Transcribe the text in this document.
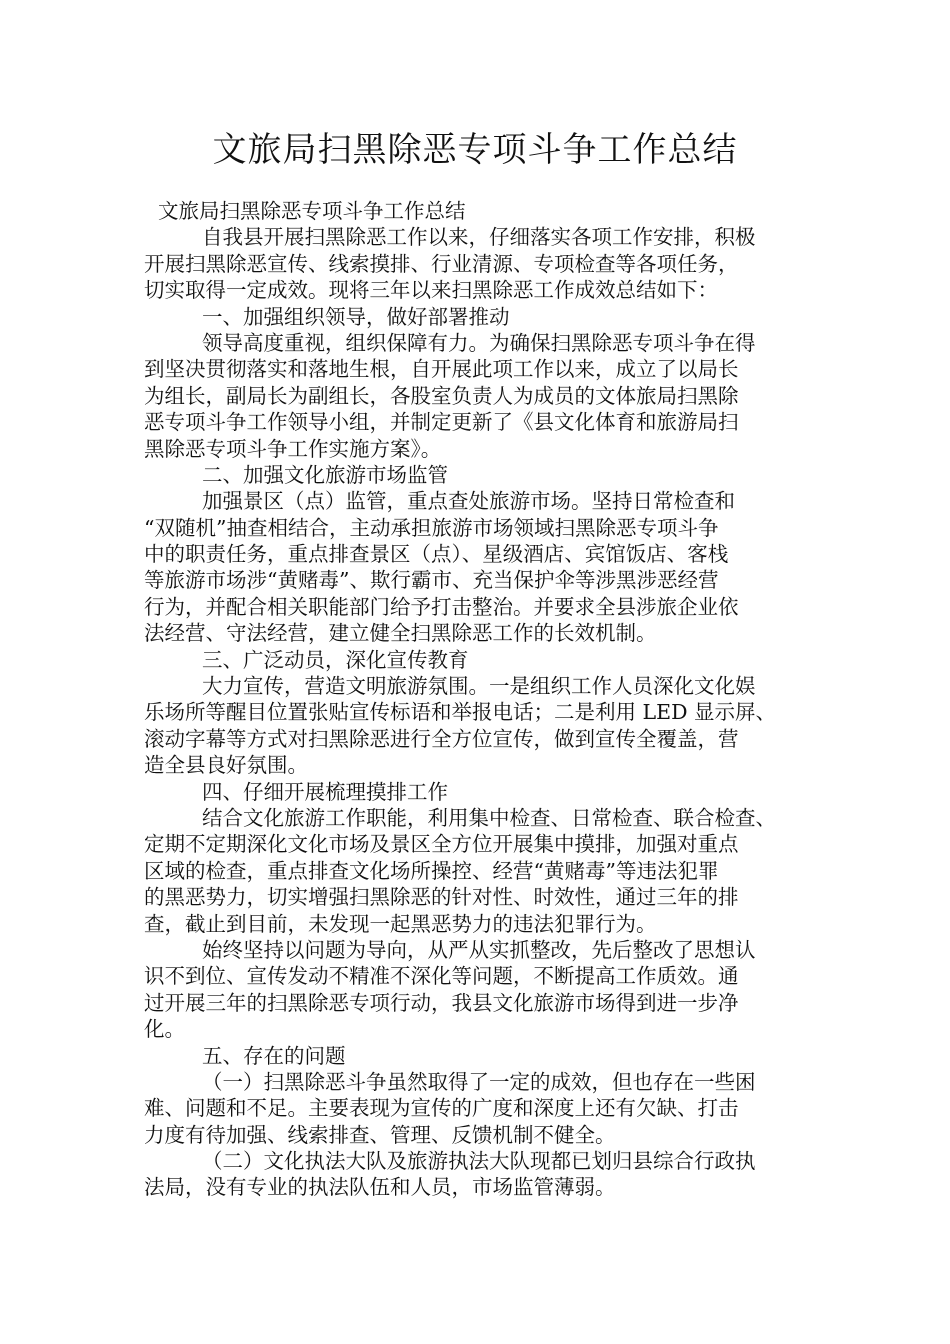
文旅局扫黑除恶专项斗争工作总结
文旅局扫黑除恶专项斗争工作总结
自我县开展扫黑除恶工作以来，仔细落实各项工作安排，积极
开展扫黑除恶宣传、线索摸排、行业清源、专项检查等各项任务，
切实取得一定成效。现将三年以来扫黑除恶工作成效总结如下：
一、加强组织领导，做好部署推动
领导高度重视，组织保障有力。为确保扫黑除恶专项斗争在得
到坚决贯彻落实和落地生根，自开展此项工作以来，成立了以局长
为组长，副局长为副组长，各股室负责人为成员的文体旅局扫黑除
恶专项斗争工作领导小组，并制定更新了《县文化体育和旅游局扫
黑除恶专项斗争工作实施方案》。
二、加强文化旅游市场监管
加强景区（点）监管，重点查处旅游市场。坚持日常检查和
“双随机”抽查相结合，主动承担旅游市场领域扫黑除恶专项斗争
中的职责任务，重点排查景区（点）、星级酒店、宾馆饭店、客栈
等旅游市场涉“黄赌毒”、欺行霸市、充当保护伞等涉黑涉恶经营
行为，并配合相关职能部门给予打击整治。并要求全县涉旅企业依
法经营、守法经营，建立健全扫黑除恶工作的长效机制。
三、广泛动员，深化宣传教育
大力宣传，营造文明旅游氛围。一是组织工作人员深化文化娱
乐场所等醒目位置张贴宣传标语和举报电话；二是利用 LED 显示屏、
滚动字幕等方式对扫黑除恶进行全方位宣传，做到宣传全覆盖，营
造全县良好氛围。
四、仔细开展梳理摸排工作
结合文化旅游工作职能，利用集中检查、日常检查、联合检查、
定期不定期深化文化市场及景区全方位开展集中摸排，加强对重点
区域的检查，重点排查文化场所操控、经营“黄赌毒”等违法犯罪
的黑恶势力，切实增强扫黑除恶的针对性、时效性，通过三年的排
查，截止到目前，未发现一起黑恶势力的违法犯罪行为。
始终坚持以问题为导向，从严从实抓整改，先后整改了思想认
识不到位、宣传发动不精准不深化等问题，不断提高工作质效。通
过开展三年的扫黑除恶专项行动，我县文化旅游市场得到进一步净
化。
五、存在的问题
（一）扫黑除恶斗争虽然取得了一定的成效，但也存在一些困
难、问题和不足。主要表现为宣传的广度和深度上还有欠缺、打击
力度有待加强、线索排查、管理、反馈机制不健全。
（二）文化执法大队及旅游执法大队现都已划归县综合行政执
法局，没有专业的执法队伍和人员，市场监管薄弱。
